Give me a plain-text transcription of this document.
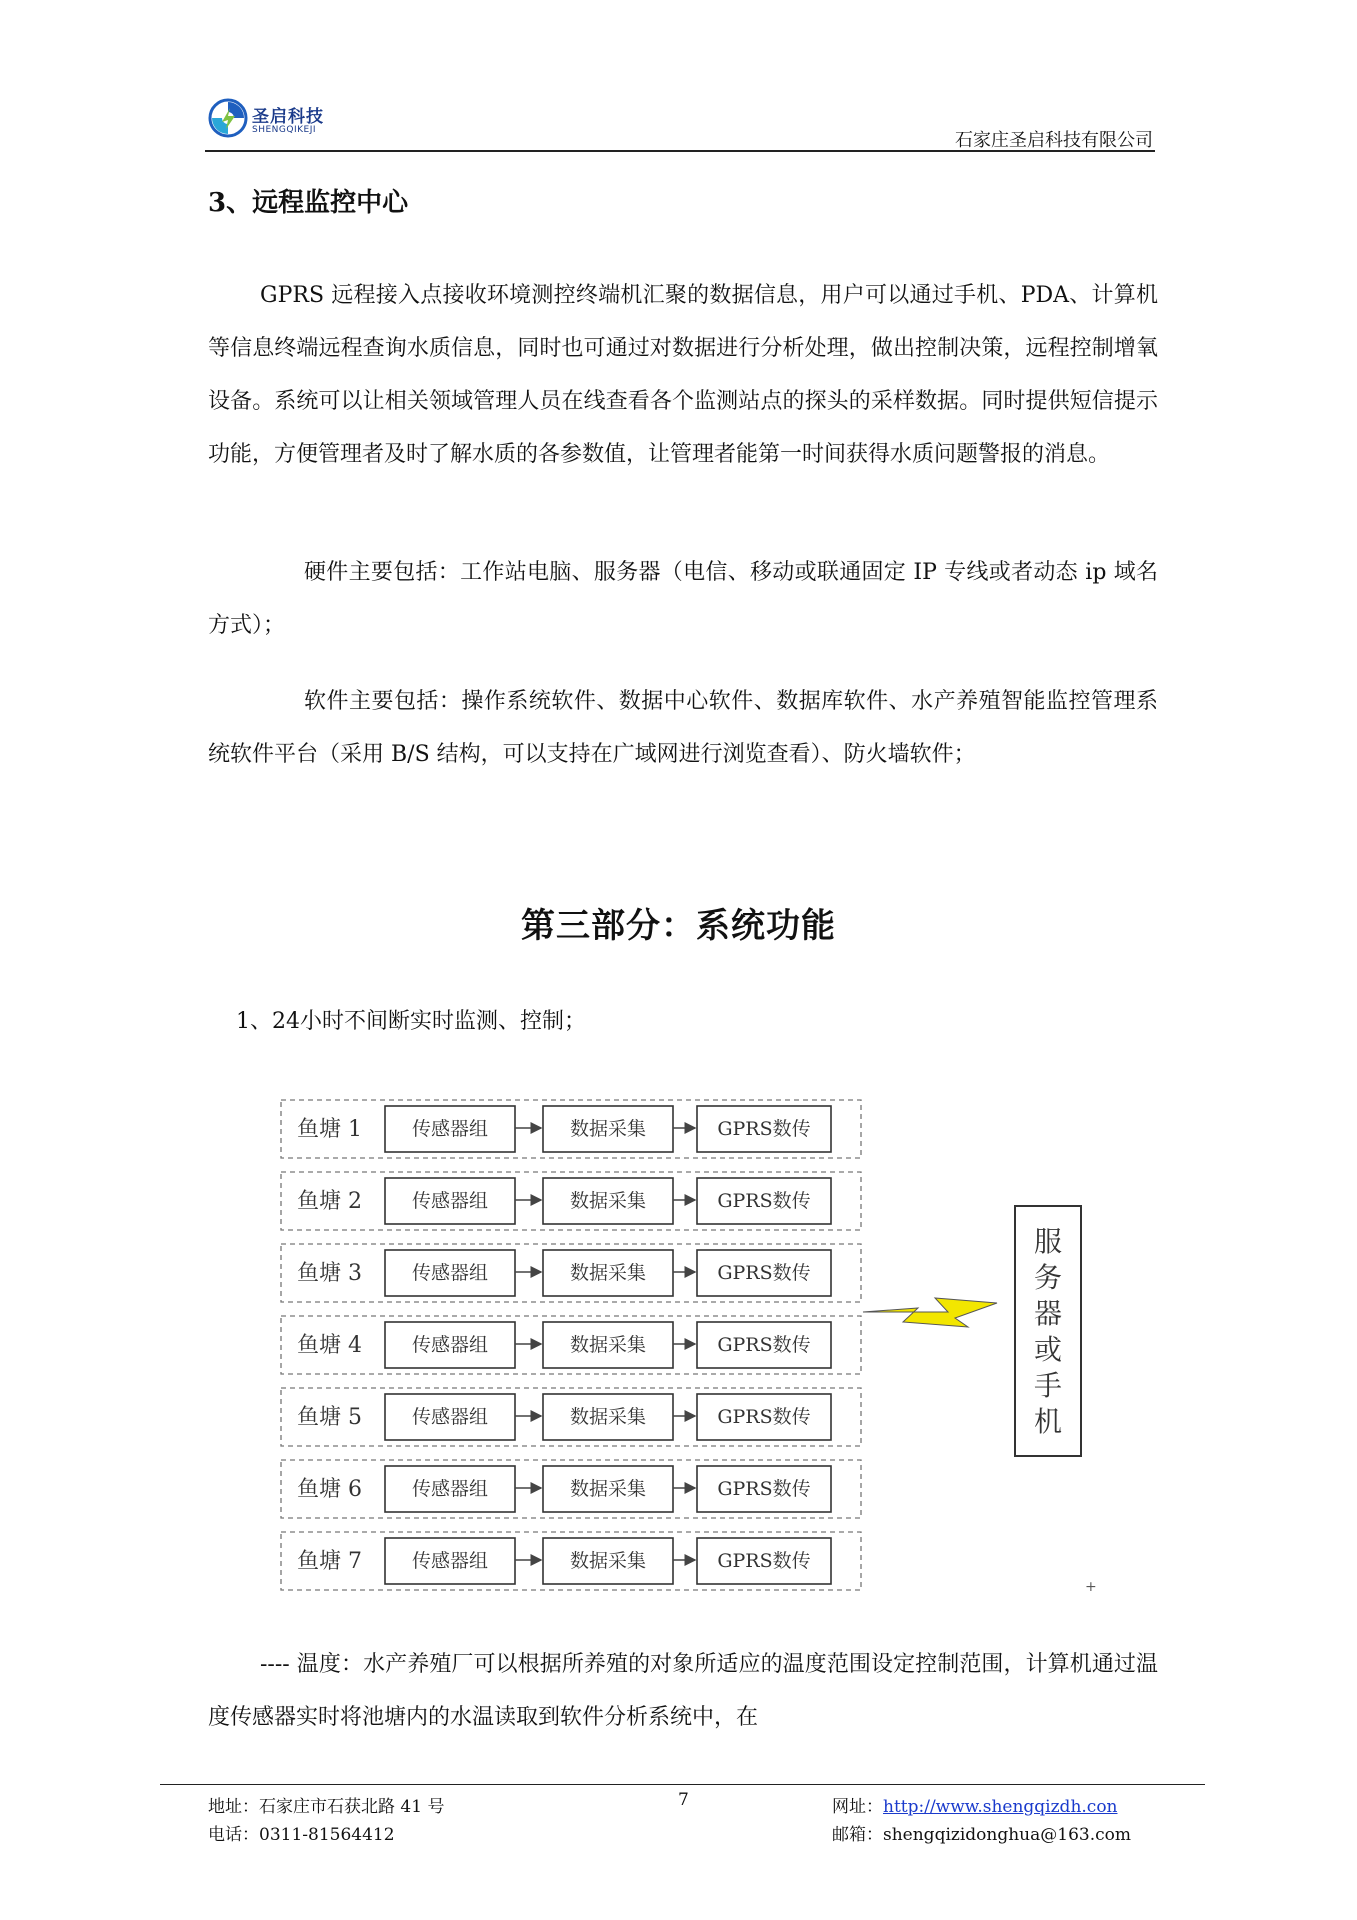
圣启科技
SHENGQIKEJI	石家庄圣启科技有限公司
3、远程监控中心
GPRS 远程接入点接收环境测控终端机汇聚的数据信息，用户可以通过手机、PDA、计算机等信息终端远程查询水质信息，同时也可通过对数据进行分析处理，做出控制决策，远程控制增氧设备。系统可以让相关领域管理人员在线查看各个监测站点的探头的采样数据。同时提供短信提示功能，方便管理者及时了解水质的各参数值，让管理者能第一时间获得水质问题警报的消息。
硬件主要包括：工作站电脑、服务器（电信、移动或联通固定 IP 专线或者动态 ip 域名方式）；
软件主要包括：操作系统软件、数据中心软件、数据库软件、水产养殖智能监控管理系统软件平台（采用 B/S 结构，可以支持在广域网进行浏览查看）、防火墙软件；
第三部分：系统功能
1、24小时不间断实时监测、控制；
鱼塘 1	传感器组	数据采集	GPRS数传
鱼塘 2	传感器组	数据采集	GPRS数传
鱼塘 3	传感器组	数据采集	GPRS数传
鱼塘 4	传感器组	数据采集	GPRS数传
鱼塘 5	传感器组	数据采集	GPRS数传
鱼塘 6	传感器组	数据采集	GPRS数传
鱼塘 7	传感器组	数据采集	GPRS数传
服
务
器
或
手
机
+
---- 温度：水产养殖厂可以根据所养殖的对象所适应的温度范围设定控制范围，计算机通过温度传感器实时将池塘内的水温读取到软件分析系统中，在
地址：石家庄市石获北路 41 号
电话：0311-81564412
7	网址：http://www.shengqizdh.con
邮箱：shengqizidonghua@163.com
